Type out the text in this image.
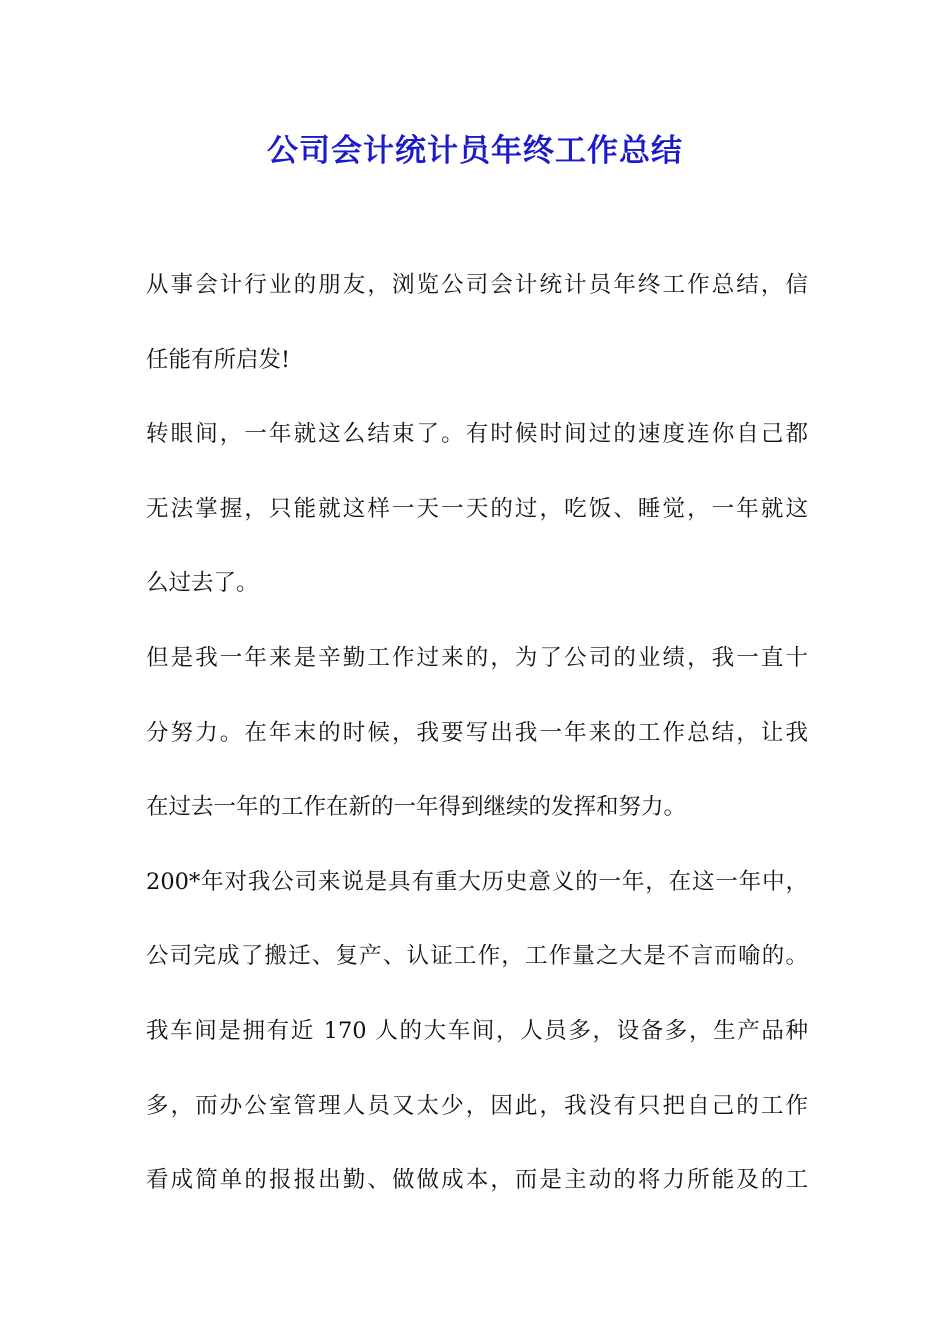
公司会计统计员年终工作总结
从事会计行业的朋友，浏览公司会计统计员年终工作总结，信
任能有所启发!
转眼间，一年就这么结束了。有时候时间过的速度连你自己都
无法掌握，只能就这样一天一天的过，吃饭、睡觉，一年就这
么过去了。
但是我一年来是辛勤工作过来的，为了公司的业绩，我一直十
分努力。在年末的时候，我要写出我一年来的工作总结，让我
在过去一年的工作在新的一年得到继续的发挥和努力。
200*年对我公司来说是具有重大历史意义的一年，在这一年中，
公司完成了搬迁、复产、认证工作，工作量之大是不言而喻的。
我车间是拥有近 170 人的大车间，人员多，设备多，生产品种
多，而办公室管理人员又太少，因此，我没有只把自己的工作
看成简单的报报出勤、做做成本，而是主动的将力所能及的工
